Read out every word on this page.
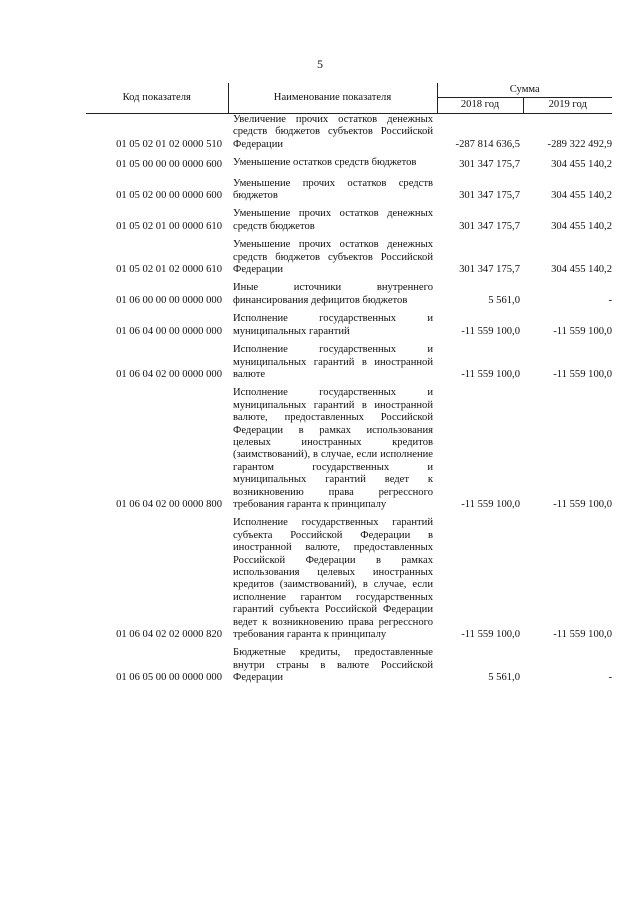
5
Код показателя	Наименование показателя	Сумма	
		2018 год	2019 год
01 05 02 01 02 0000 510	Увеличение прочих остатков денежных средств бюджетов субъектов Российской Федерации	-287 814 636,5	-289 322 492,9
01 05 00 00 00 0000 600	Уменьшение остатков средств бюджетов	301 347 175,7	304 455 140,2
01 05 02 00 00 0000 600	Уменьшение прочих остатков средств бюджетов	301 347 175,7	304 455 140,2
01 05 02 01 00 0000 610	Уменьшение прочих остатков денежных средств бюджетов	301 347 175,7	304 455 140,2
01 05 02 01 02 0000 610	Уменьшение прочих остатков денежных средств бюджетов субъектов Российской Федерации	301 347 175,7	304 455 140,2
01 06 00 00 00 0000 000	Иные источники внутреннего финансирования дефицитов бюджетов	5 561,0	-
01 06 04 00 00 0000 000	Исполнение государственных и муниципальных гарантий	-11 559 100,0	-11 559 100,0
01 06 04 02 00 0000 000	Исполнение государственных и муниципальных гарантий в иностранной валюте	-11 559 100,0	-11 559 100,0
01 06 04 02 00 0000 800	Исполнение государственных и муниципальных гарантий в иностранной валюте, предоставленных Российской Федерации в рамках использования целевых иностранных кредитов (заимствований), в случае, если исполнение гарантом государственных и муниципальных гарантий ведет к возникновению права регрессного требования гаранта к принципалу	-11 559 100,0	-11 559 100,0
01 06 04 02 02 0000 820	Исполнение государственных гарантий субъекта Российской Федерации в иностранной валюте, предоставленных Российской Федерации в рамках использования целевых иностранных кредитов (заимствований), в случае, если исполнение гарантом государственных гарантий субъекта Российской Федерации ведет к возникновению права регрессного требования гаранта к принципалу	-11 559 100,0	-11 559 100,0
01 06 05 00 00 0000 000	Бюджетные кредиты, предоставленные внутри страны в валюте Российской Федерации	5 561,0	-
